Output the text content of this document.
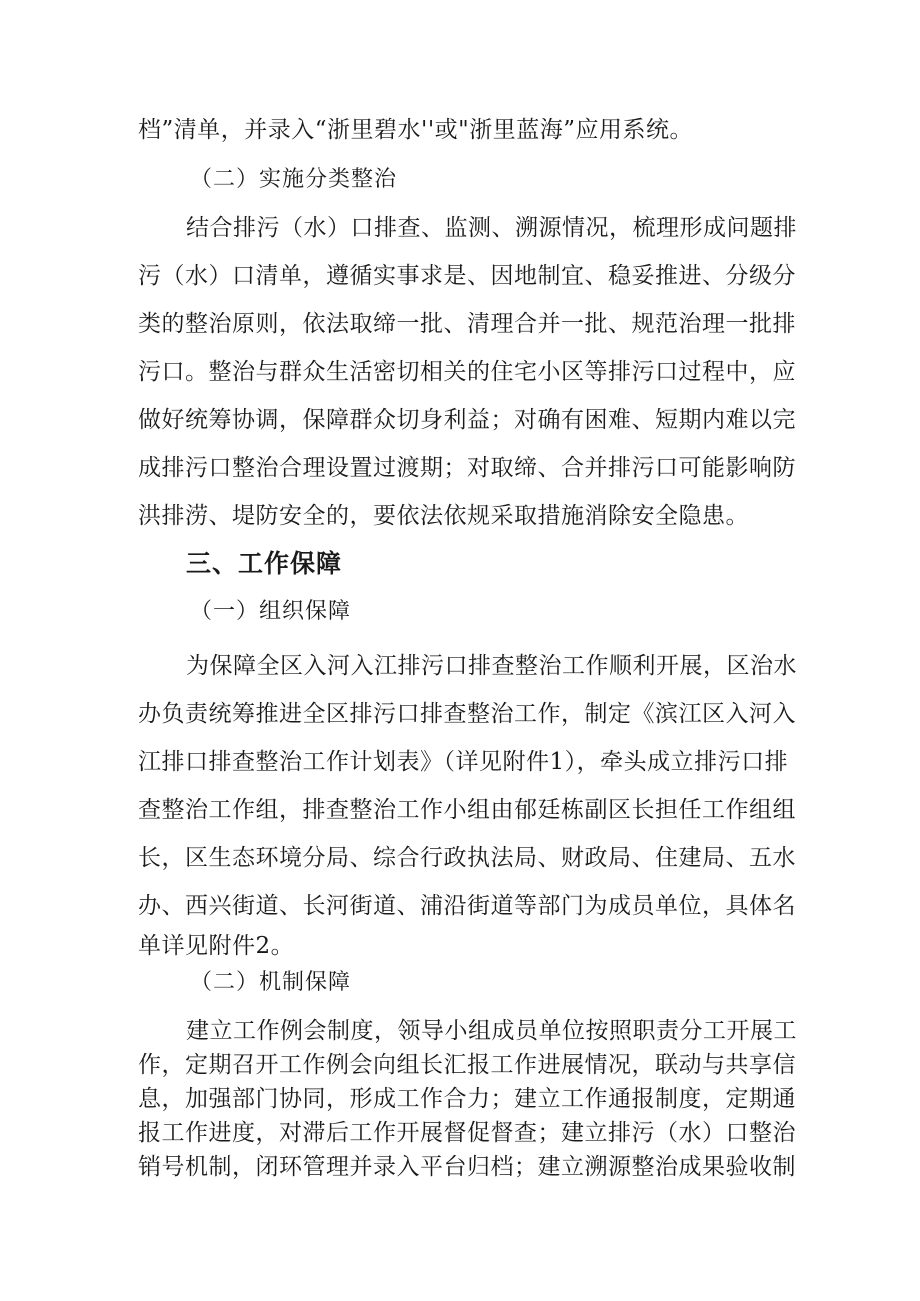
档”清单，并录入“浙里碧水''或"浙里蓝海”应用系统。
（二）实施分类整治
结合排污（水）口排查、监测、溯源情况，梳理形成问题排
污（水）口清单，遵循实事求是、因地制宜、稳妥推进、分级分
类的整治原则，依法取缔一批、清理合并一批、规范治理一批排
污口。整治与群众生活密切相关的住宅小区等排污口过程中，应
做好统筹协调，保障群众切身利益；对确有困难、短期内难以完
成排污口整治合理设置过渡期；对取缔、合并排污口可能影响防
洪排涝、堤防安全的，要依法依规采取措施消除安全隐患。
三、工作保障
（一）组织保障
为保障全区入河入江排污口排查整治工作顺利开展，区治水
办负责统筹推进全区排污口排查整治工作，制定《滨江区入河入
江排口排查整治工作计划表》（详见附件1），牵头成立排污口排
查整治工作组，排查整治工作小组由郁廷栋副区长担任工作组组
长，区生态环境分局、综合行政执法局、财政局、住建局、五水
办、西兴街道、长河街道、浦沿街道等部门为成员单位，具体名
单详见附件2。
（二）机制保障
建立工作例会制度，领导小组成员单位按照职责分工开展工
作，定期召开工作例会向组长汇报工作进展情况，联动与共享信
息，加强部门协同，形成工作合力；建立工作通报制度，定期通
报工作进度，对滞后工作开展督促督查；建立排污（水）口整治
销号机制，闭环管理并录入平台归档；建立溯源整治成果验收制
